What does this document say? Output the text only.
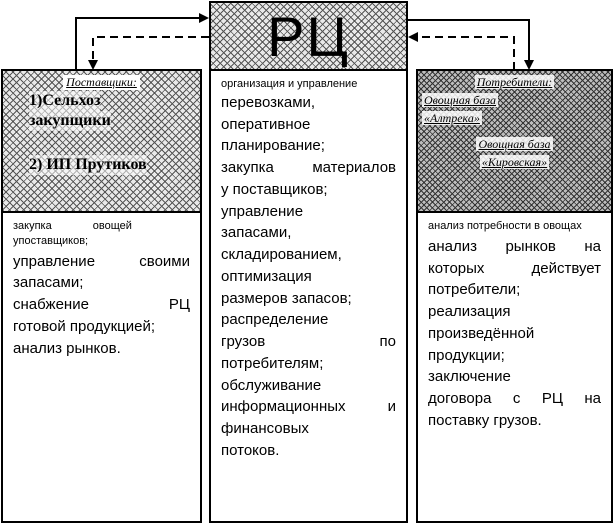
РЦ
организация и управление
перевозками,
оперативное
планирование;
закупка материалов
у поставщиков;
управление
запасами,
складированием,
оптимизация
размеров запасов;
распределение
грузов по
потребителям;
обслуживание
информационных и
финансовых
потоков.
Поставщики:
1)Сельхоз
закупщики
2) ИП Прутиков
закупка овощей
упоставщиков;
управление своими
запасами;
снабжение РЦ
готовой продукцией;
анализ рынков.
Потребители:
Овощная база
«Алтрека»
Овощная база
«Кировская»
анализ потребности в овощах
анализ рынков на
которых действует
потребители;
реализация
произведённой
продукции;
заключение
договора с РЦ на
поставку грузов.
